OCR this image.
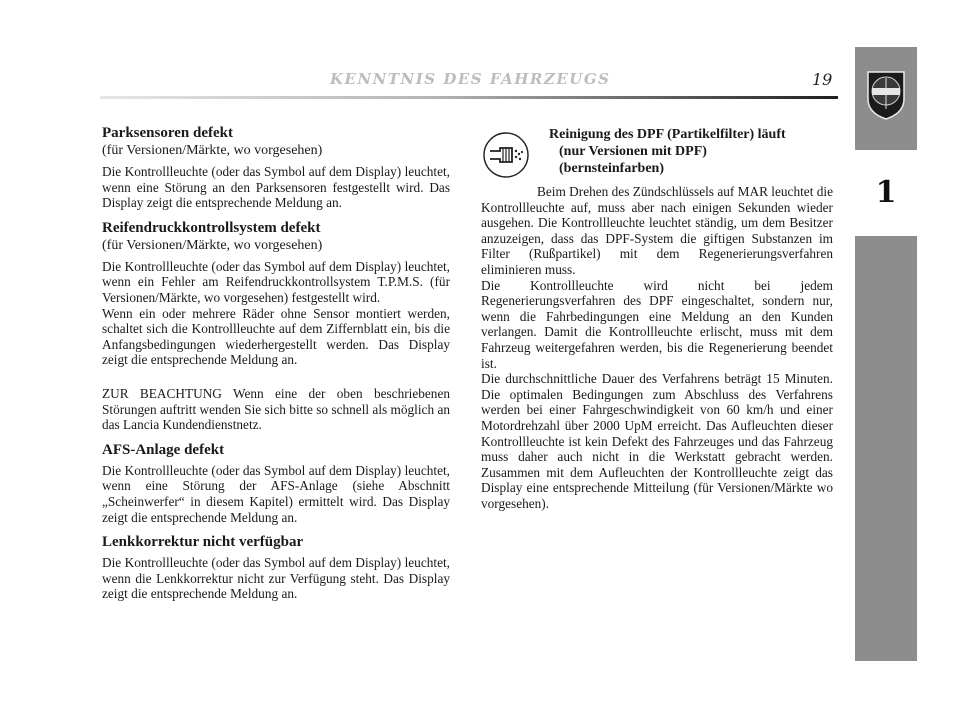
KENNTNIS DES FAHRZEUGS	19
1
Parksensoren defekt
(für Versionen/Märkte, wo vorgesehen)

Die Kontrollleuchte (oder das Symbol auf dem Display) leuchtet, wenn eine Störung an den Parksensoren festgestellt wird. Das Display zeigt die entsprechende Meldung an.

Reifendruckkontrollsystem defekt
(für Versionen/Märkte, wo vorgesehen)

Die Kontrollleuchte (oder das Symbol auf dem Display) leuchtet, wenn ein Fehler am Reifendruckkontrollsystem T.P.M.S. (für Versionen/Märkte, wo vorgesehen) festgestellt wird.

Wenn ein oder mehrere Räder ohne Sensor montiert werden, schaltet sich die Kontrollleuchte auf dem Ziffernblatt ein, bis die Anfangsbedingungen wiederhergestellt werden. Das Display zeigt die entsprechende Meldung an.

ZUR BEACHTUNG Wenn eine der oben beschriebenen Störungen auftritt wenden Sie sich bitte so schnell als möglich an das Lancia Kundendienstnetz.

AFS-Anlage defekt

Die Kontrollleuchte (oder das Symbol auf dem Display) leuchtet, wenn eine Störung der AFS-Anlage (siehe Abschnitt „Scheinwerfer“ in diesem Kapitel) ermittelt wird. Das Display zeigt die entsprechende Meldung an.

Lenkkorrektur nicht verfügbar

Die Kontrollleuchte (oder das Symbol auf dem Display) leuchtet, wenn die Lenkkorrektur nicht zur Verfügung steht. Das Display zeigt die entsprechende Meldung an.

Reinigung des DPF (Partikelfilter) läuft
(nur Versionen mit DPF)
(bernsteinfarben)

Beim Drehen des Zündschlüssels auf MAR leuchtet die Kontrollleuchte auf, muss aber nach einigen Sekunden wieder ausgehen. Die Kontrollleuchte leuchtet ständig, um dem Besitzer anzuzeigen, dass das DPF-System die giftigen Substanzen im Filter (Rußpartikel) mit dem Regenerierungsverfahren eliminieren muss.

Die Kontrollleuchte wird nicht bei jedem Regenerierungsverfahren des DPF eingeschaltet, sondern nur, wenn die Fahrbedingungen eine Meldung an den Kunden verlangen. Damit die Kontrollleuchte erlischt, muss mit dem Fahrzeug weitergefahren werden, bis die Regenerierung beendet ist.

Die durchschnittliche Dauer des Verfahrens beträgt 15 Minuten. Die optimalen Bedingungen zum Abschluss des Verfahrens werden bei einer Fahrgeschwindigkeit von 60 km/h und einer Motordrehzahl über 2000 UpM erreicht. Das Aufleuchten dieser Kontrollleuchte ist kein Defekt des Fahrzeuges und das Fahrzeug muss daher auch nicht in die Werkstatt gebracht werden. Zusammen mit dem Aufleuchten der Kontrollleuchte zeigt das Display eine entsprechende Mitteilung (für Versionen/Märkte wo vorgesehen).
